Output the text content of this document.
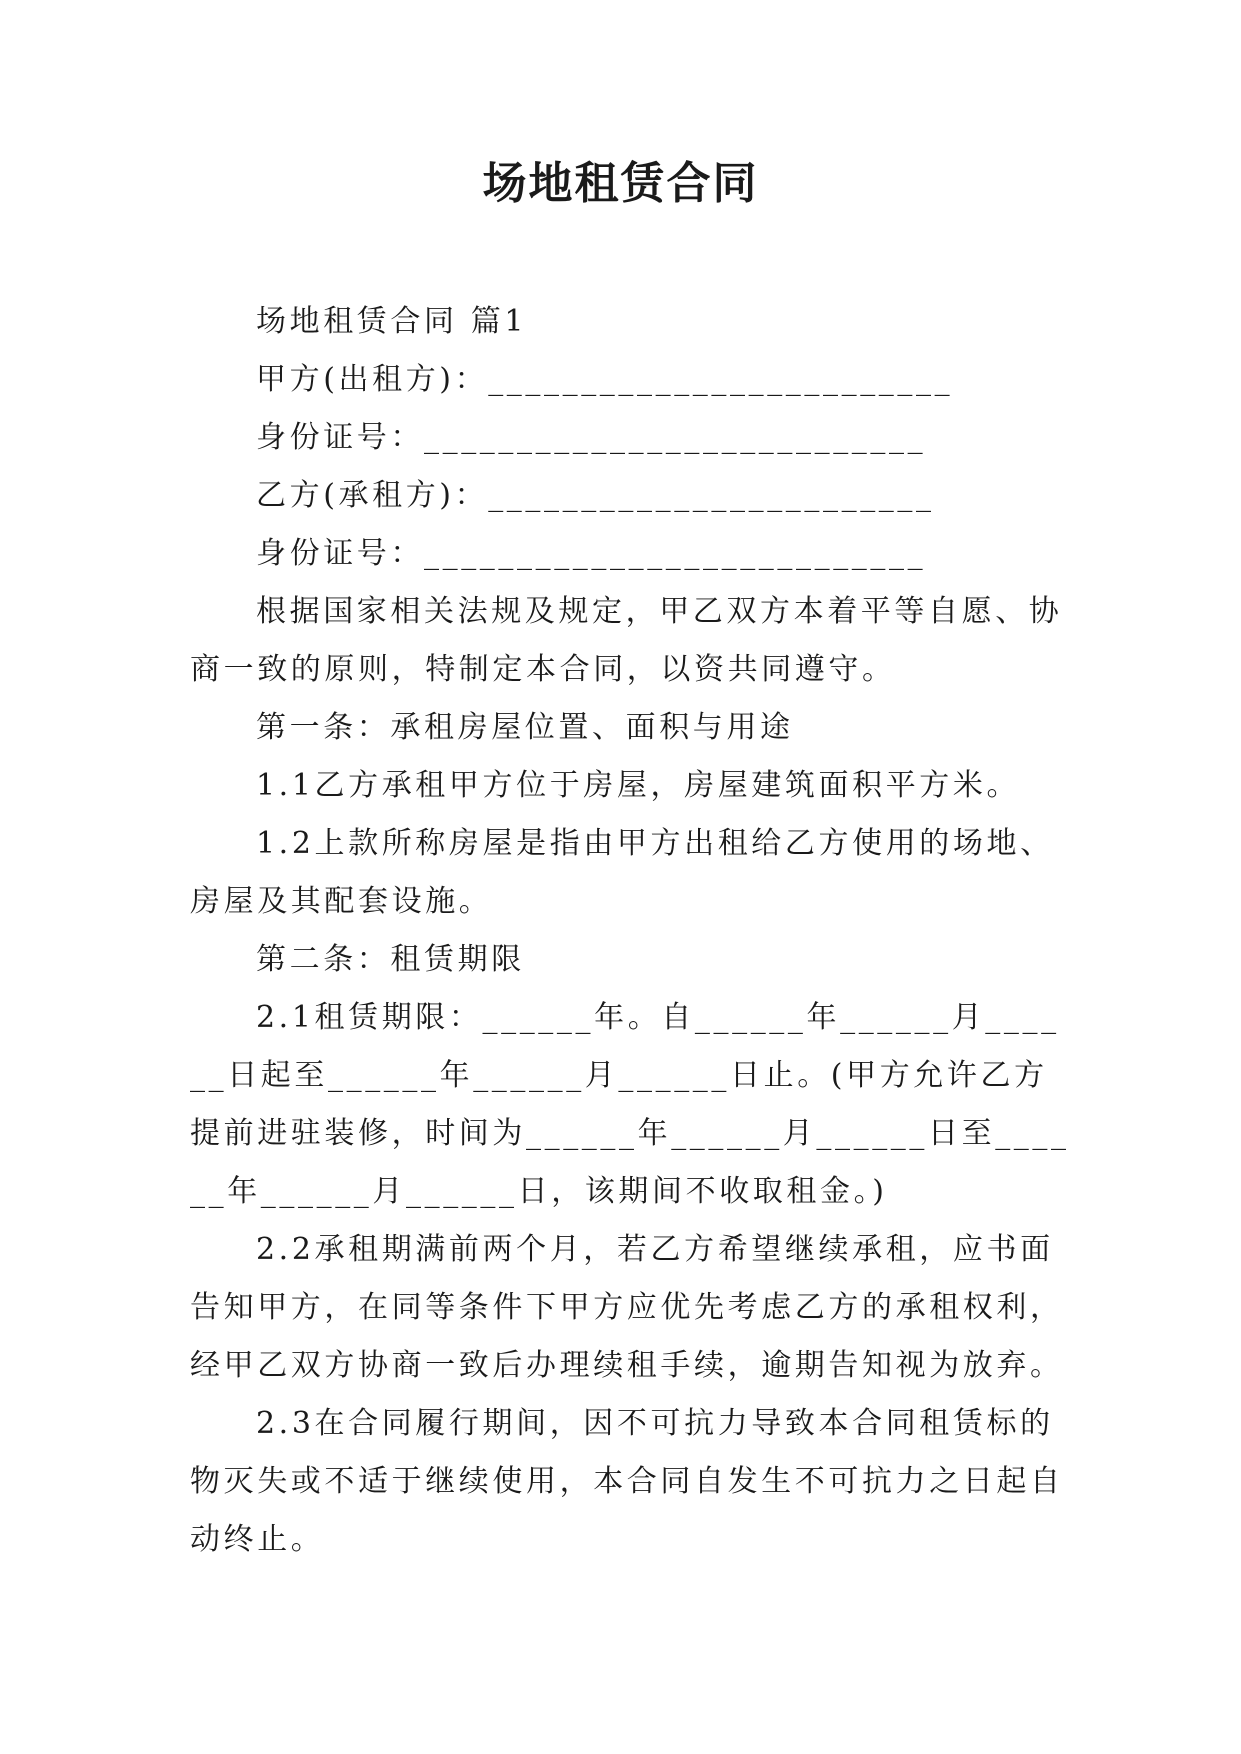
场地租赁合同

场地租赁合同 篇1

甲方(出租方)：_________________________

身份证号：___________________________

乙方(承租方)：________________________

身份证号：___________________________

根据国家相关法规及规定，甲乙双方本着平等自愿、协商一致的原则，特制定本合同，以资共同遵守。

第一条：承租房屋位置、面积与用途

1.1乙方承租甲方位于房屋，房屋建筑面积平方米。

1.2上款所称房屋是指由甲方出租给乙方使用的场地、房屋及其配套设施。

第二条：租赁期限

2.1租赁期限：______年。自______年______月______日起至______年______月______日止。(甲方允许乙方提前进驻装修，时间为______年______月______日至______年______月______日，该期间不收取租金。)

2.2承租期满前两个月，若乙方希望继续承租，应书面告知甲方，在同等条件下甲方应优先考虑乙方的承租权利，经甲乙双方协商一致后办理续租手续，逾期告知视为放弃。

2.3在合同履行期间，因不可抗力导致本合同租赁标的物灭失或不适于继续使用，本合同自发生不可抗力之日起自动终止。
